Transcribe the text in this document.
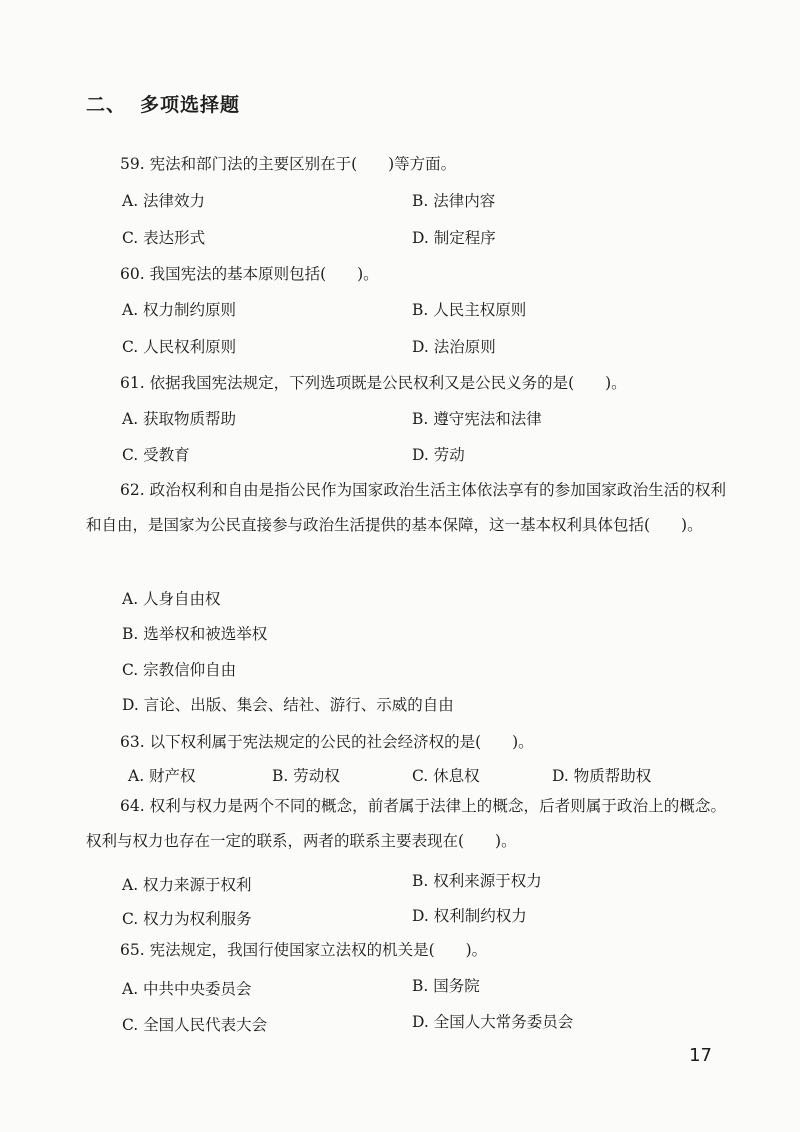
二、 多项选择题
59. 宪法和部门法的主要区别在于(　　)等方面。
A. 法律效力	B. 法律内容
C. 表达形式	D. 制定程序
60. 我国宪法的基本原则包括(　　)。
A. 权力制约原则	B. 人民主权原则
C. 人民权利原则	D. 法治原则
61. 依据我国宪法规定，下列选项既是公民权利又是公民义务的是(　　)。
A. 获取物质帮助	B. 遵守宪法和法律
C. 受教育	D. 劳动
62. 政治权利和自由是指公民作为国家政治生活主体依法享有的参加国家政治生活的权利和自由，是国家为公民直接参与政治生活提供的基本保障，这一基本权利具体包括(　　)。
A. 人身自由权
B. 选举权和被选举权
C. 宗教信仰自由
D. 言论、出版、集会、结社、游行、示威的自由
63. 以下权利属于宪法规定的公民的社会经济权的是(　　)。
A. 财产权	B. 劳动权	C. 休息权	D. 物质帮助权
64. 权利与权力是两个不同的概念，前者属于法律上的概念，后者则属于政治上的概念。权利与权力也存在一定的联系，两者的联系主要表现在(　　)。
A. 权力来源于权利	B. 权利来源于权力
C. 权力为权利服务	D. 权利制约权力
65. 宪法规定，我国行使国家立法权的机关是(　　)。
A. 中共中央委员会	B. 国务院
C. 全国人民代表大会	D. 全国人大常务委员会
17
